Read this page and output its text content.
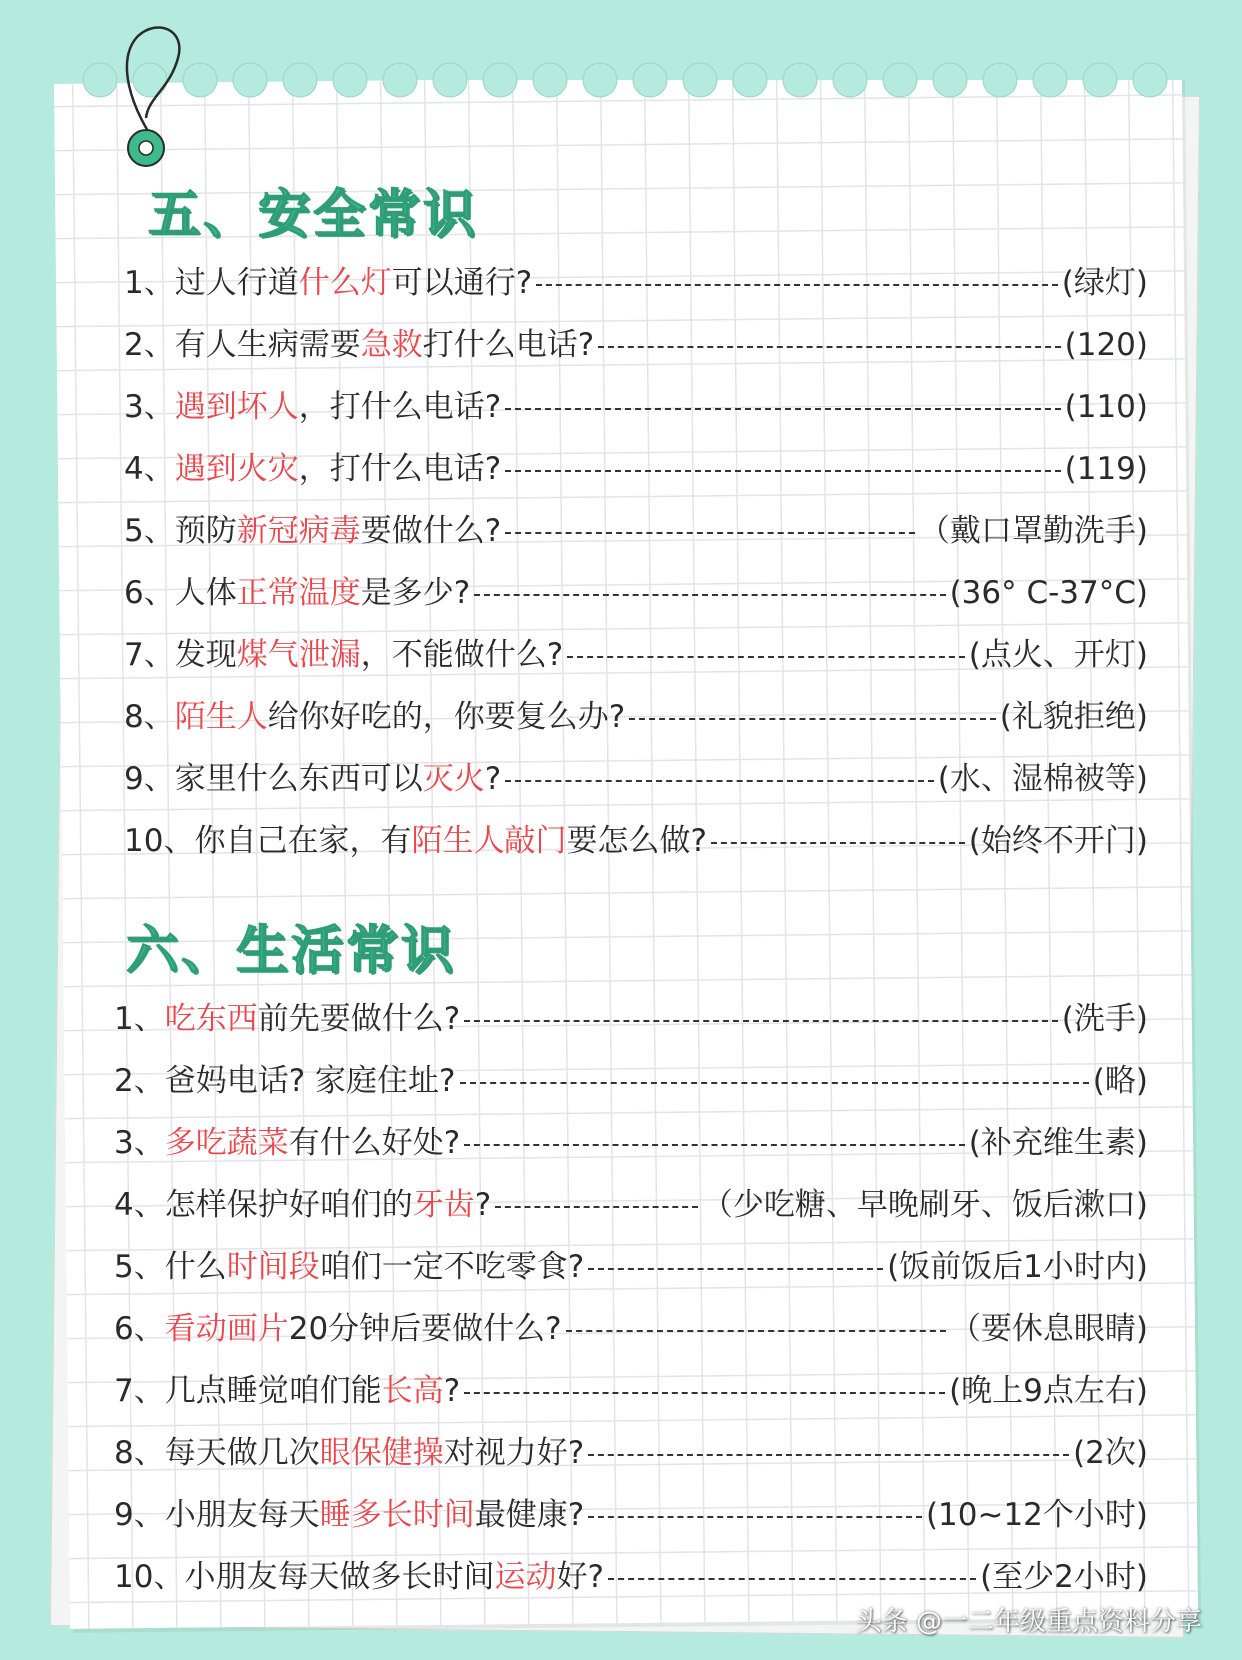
五、安全常识
1、 过人行道什么灯可以通行?	(绿灯)
2、 有人生病需要急救打什么电话?	(120)
3、 遇到坏人，打什么电话?	(110)
4、 遇到火灾，打什么电话?	(119)
5、 预防新冠病毒要做什么?	（戴口罩勤洗手)
6、 人体正常温度是多少?	(36° C-37°C)
7、 发现煤气泄漏，不能做什么?	(点火、开灯)
8、 陌生人给你好吃的，你要复么办?	(礼貌拒绝)
9、 家里什么东西可以灭火?	(水、湿棉被等)
10、 你自己在家，有陌生人敲门要怎么做?	(始终不开门)
六、生活常识
1、 吃东西前先要做什么?	(洗手)
2、 爸妈电话? 家庭住址?	(略)
3、 多吃蔬菜有什么好处?	(补充维生素)
4、 怎样保护好咱们的牙齿?	（少吃糖、早晚刷牙、饭后漱口)
5、 什么时间段咱们一定不吃零食?	(饭前饭后1小时内)
6、 看动画片20分钟后要做什么?	（要休息眼睛)
7、 几点睡觉咱们能长高?	(晚上9点左右)
8、 每天做几次眼保健操对视力好?	(2次)
9、 小朋友每天睡多长时间最健康?	(10~12个小时)
10、 小朋友每天做多长时间运动好?	(至少2小时)
头条 @一二年级重点资料分享
